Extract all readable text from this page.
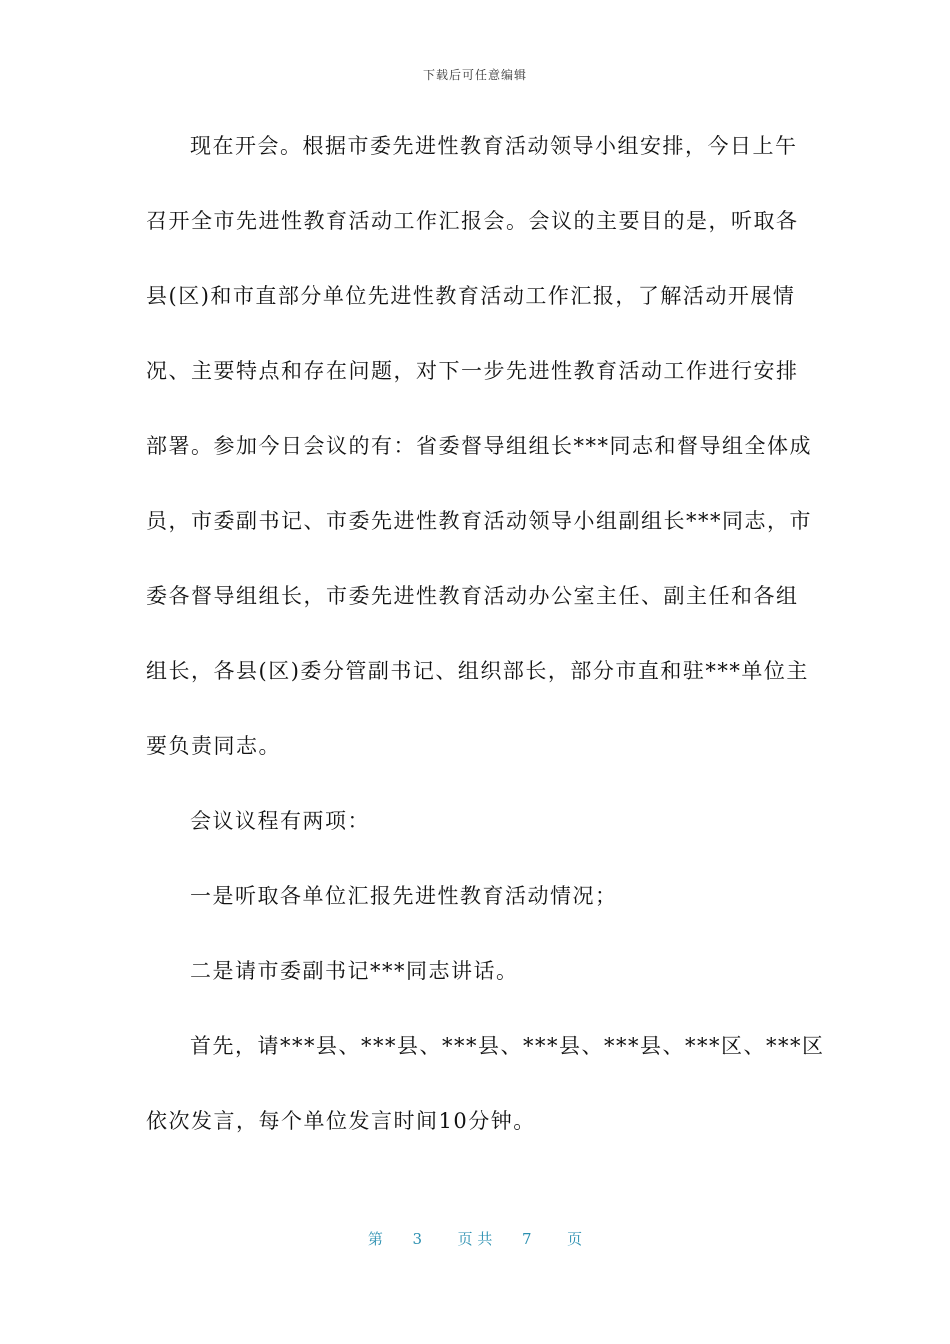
下载后可任意编辑
现在开会。根据市委先进性教育活动领导小组安排，今日上午
召开全市先进性教育活动工作汇报会。会议的主要目的是，听取各
县(区)和市直部分单位先进性教育活动工作汇报，了解活动开展情
况、主要特点和存在问题，对下一步先进性教育活动工作进行安排
部署。参加今日会议的有：省委督导组组长***同志和督导组全体成
员，市委副书记、市委先进性教育活动领导小组副组长***同志，市
委各督导组组长，市委先进性教育活动办公室主任、副主任和各组
组长，各县(区)委分管副书记、组织部长，部分市直和驻***单位主
要负责同志。
会议议程有两项：
一是听取各单位汇报先进性教育活动情况；
二是请市委副书记***同志讲话。
首先，请***县、***县、***县、***县、***县、***区、***区
依次发言，每个单位发言时间10分钟。
第 3 页 共 7 页
